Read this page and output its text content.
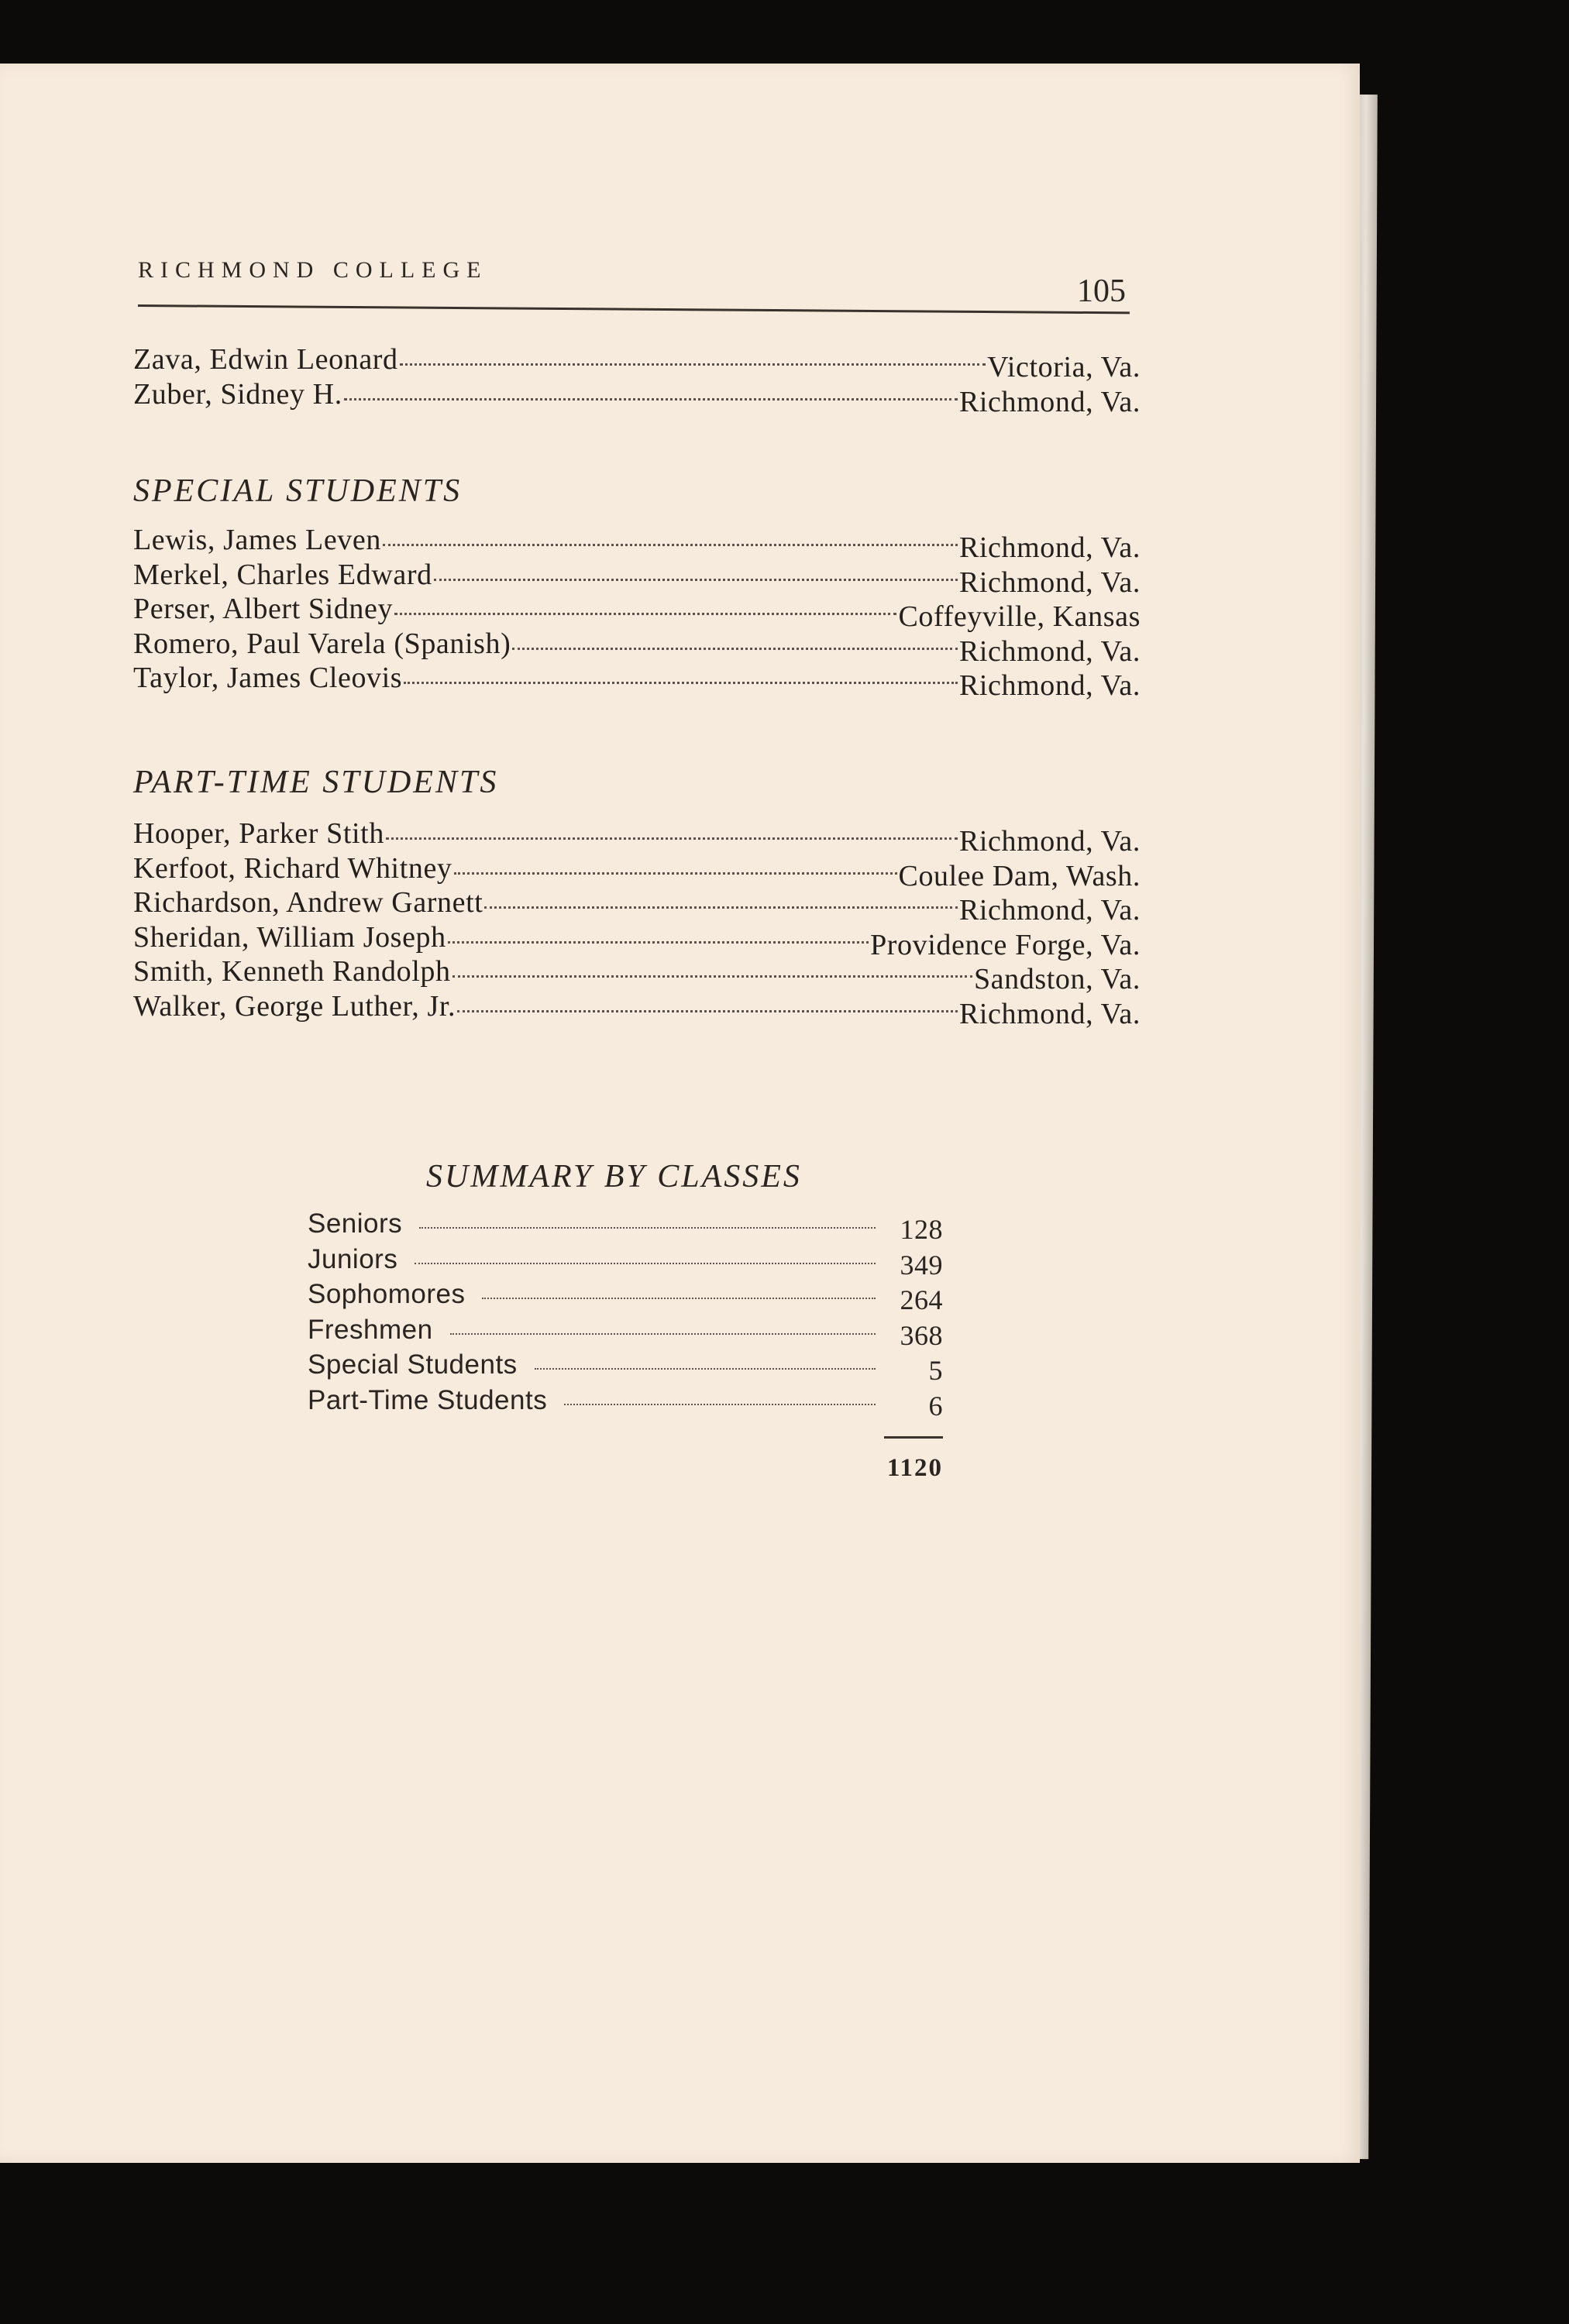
RICHMOND COLLEGE
105
Zava, Edwin Leonard	Victoria, Va.
Zuber, Sidney H.	Richmond, Va.
SPECIAL STUDENTS
Lewis, James Leven	Richmond, Va.
Merkel, Charles Edward	Richmond, Va.
Perser, Albert Sidney	Coffeyville, Kansas
Romero, Paul Varela (Spanish)	Richmond, Va.
Taylor, James Cleovis	Richmond, Va.
PART-TIME STUDENTS
Hooper, Parker Stith	Richmond, Va.
Kerfoot, Richard Whitney	Coulee Dam, Wash.
Richardson, Andrew Garnett	Richmond, Va.
Sheridan, William Joseph	Providence Forge, Va.
Smith, Kenneth Randolph	Sandston, Va.
Walker, George Luther, Jr.	Richmond, Va.
SUMMARY BY CLASSES
Seniors	128
Juniors	349
Sophomores	264
Freshmen	368
Special Students	5
Part-Time Students	6
1120
